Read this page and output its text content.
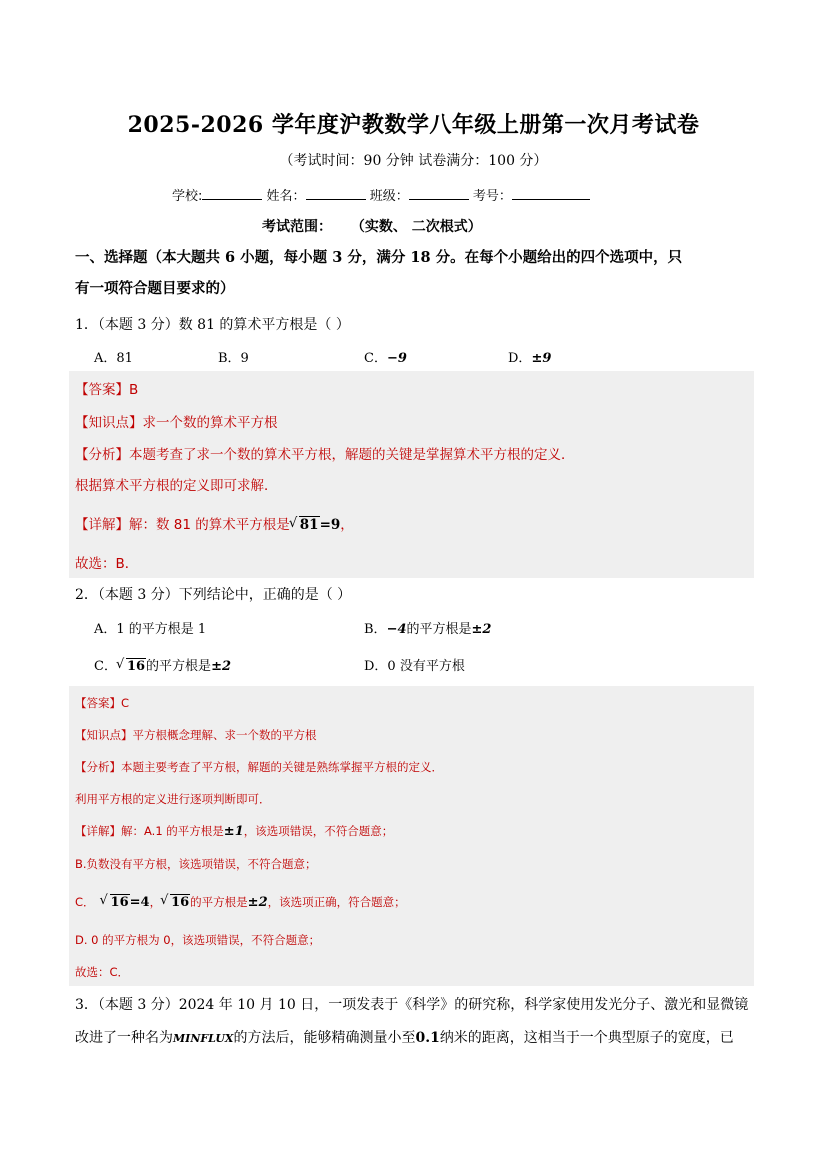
2025-2026 学年度沪教数学八年级上册第一次月考试卷
（考试时间：90 分钟 试卷满分：100 分）
学校:	姓名：	班级：	考号：
考试范围： （实数、 二次根式）
一、选择题（本大题共 6 小题，每小题 3 分，满分 18 分。在每个小题给出的四个选项中，只
有一项符合题目要求的）
1．（本题 3 分）数 81 的算术平方根是（ ）
A．81	B．9	C．−9	D．±9
【答案】B
【知识点】求一个数的算术平方根
【分析】本题考查了求一个数的算术平方根，解题的关键是掌握算术平方根的定义．
根据算术平方根的定义即可求解．
【详解】解：数 81 的算术平方根是 √ 81=9，
故选：B．
2．（本题 3 分）下列结论中，正确的是（ ）
A．1 的平方根是 1	B．−4的平方根是±2
C． √ 16的平方根是±2	D．0 没有平方根
【答案】C
【知识点】平方根概念理解、求一个数的平方根
【分析】本题主要考查了平方根，解题的关键是熟练掌握平方根的定义．
利用平方根的定义进行逐项判断即可．
【详解】解：A.1 的平方根是±1，该选项错误，不符合题意；
B.负数没有平方根，该选项错误，不符合题意；
C． √ 16=4， √ 16的平方根是±2，该选项正确，符合题意；
D. 0 的平方根为 0，该选项错误，不符合题意；
故选：C．
3．（本题 3 分）2024 年 10 月 10 日，一项发表于《科学》的研究称，科学家使用发光分子、激光和显微镜
改进了一种名为MINFLUX的方法后，能够精确测量小至0.1纳米的距离，这相当于一个典型原子的宽度，已
